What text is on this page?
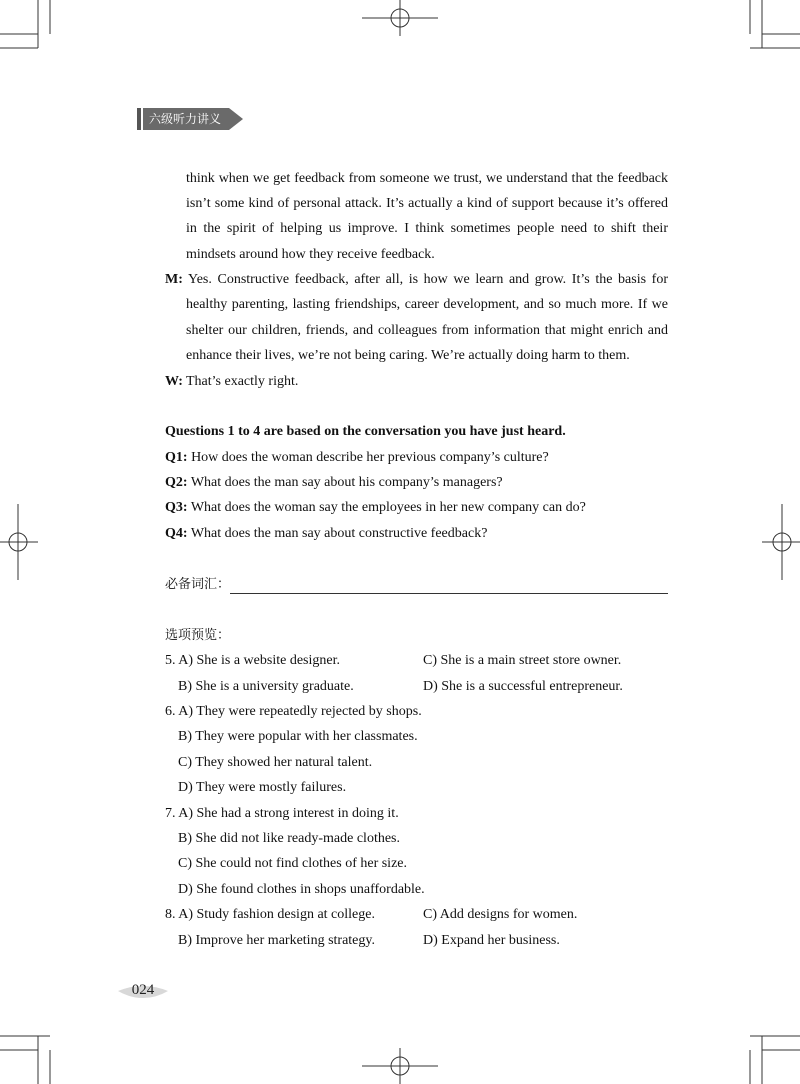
六级听力讲义
think when we get feedback from someone we trust, we understand that the feedback
isn’t some kind of personal attack. It’s actually a kind of support because it’s offered
in the spirit of helping us improve. I think sometimes people need to shift their
mindsets around how they receive feedback.
M: Yes. Constructive feedback, after all, is how we learn and grow. It’s the basis for
healthy parenting, lasting friendships, career development, and so much more. If we
shelter our children, friends, and colleagues from information that might enrich and
enhance their lives, we’re not being caring. We’re actually doing harm to them.
W: That’s exactly right.
Questions 1 to 4 are based on the conversation you have just heard.
Q1: How does the woman describe her previous company’s culture?
Q2: What does the man say about his company’s managers?
Q3: What does the woman say the employees in her new company can do?
Q4: What does the man say about constructive feedback?
必备词汇：
选项预览：
5. A) She is a website designer.	C) She is a main street store owner.
B) She is a university graduate.	D) She is a successful entrepreneur.
6. A) They were repeatedly rejected by shops.
B) They were popular with her classmates.
C) They showed her natural talent.
D) They were mostly failures.
7. A) She had a strong interest in doing it.
B) She did not like ready-made clothes.
C) She could not find clothes of her size.
D) She found clothes in shops unaffordable.
8. A) Study fashion design at college.	C) Add designs for women.
B) Improve her marketing strategy.	D) Expand her business.
024
